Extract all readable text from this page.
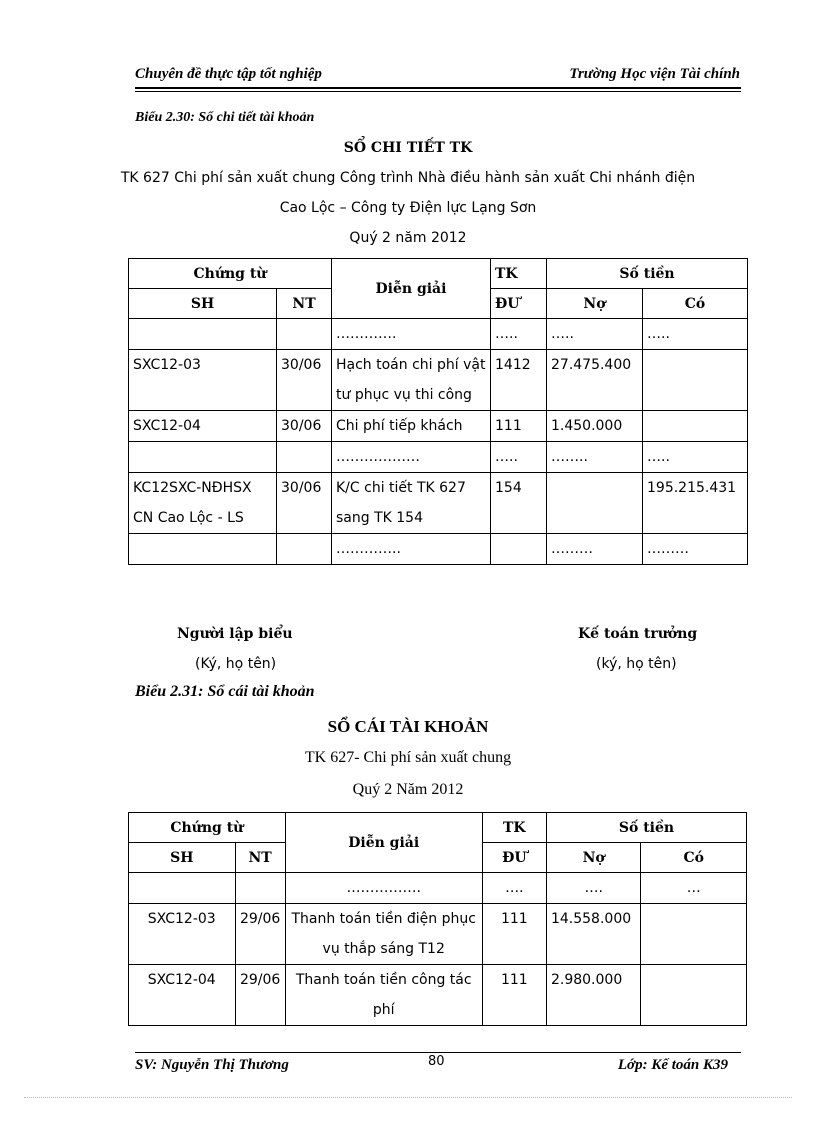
Chuyên đề thực tập tốt nghiệp	Trường Học viện Tài chính
Biểu 2.30: Sổ chi tiết tài khoản
SỔ CHI TIẾT TK
TK 627 Chi phí sản xuất chung Công trình Nhà điều hành sản xuất Chi nhánh điện
Cao Lộc – Công ty Điện lực Lạng Sơn
Quý 2 năm 2012
Chứng từ		Diễn giải	TK	Số tiền	
SH	NT		ĐƯ	Nợ	Có
		………….	…..	…..	…..
SXC12-03	30/06	Hạch toán chi phí vật tư phục vụ thi công	1412	27.475.400	
SXC12-04	30/06	Chi phí tiếp khách	111	1.450.000	
		………………	…..	……..	…..
KC12SXC-NĐHSX CN Cao Lộc - LS	30/06	K/C chi tiết TK 627 sang TK 154	154		195.215.431
		…………..		………	………
Người lập biểu
(Ký, họ tên)
Kế toán trưởng
(ký, họ tên)
Biểu 2.31: Sổ cái tài khoản
SỔ CÁI TÀI KHOẢN
TK 627- Chi phí sản xuất chung
Quý 2 Năm 2012
Chứng từ		Diễn giải	TK	Số tiền	
SH	NT		ĐƯ	Nợ	Có
		…………….	….	….	…
SXC12-03	29/06	Thanh toán tiền điện phục vụ thắp sáng T12	111	14.558.000	
SXC12-04	29/06	Thanh toán tiền công tác phí	111	2.980.000	
SV: Nguyễn Thị Thương	80	Lớp: Kế toán K39
